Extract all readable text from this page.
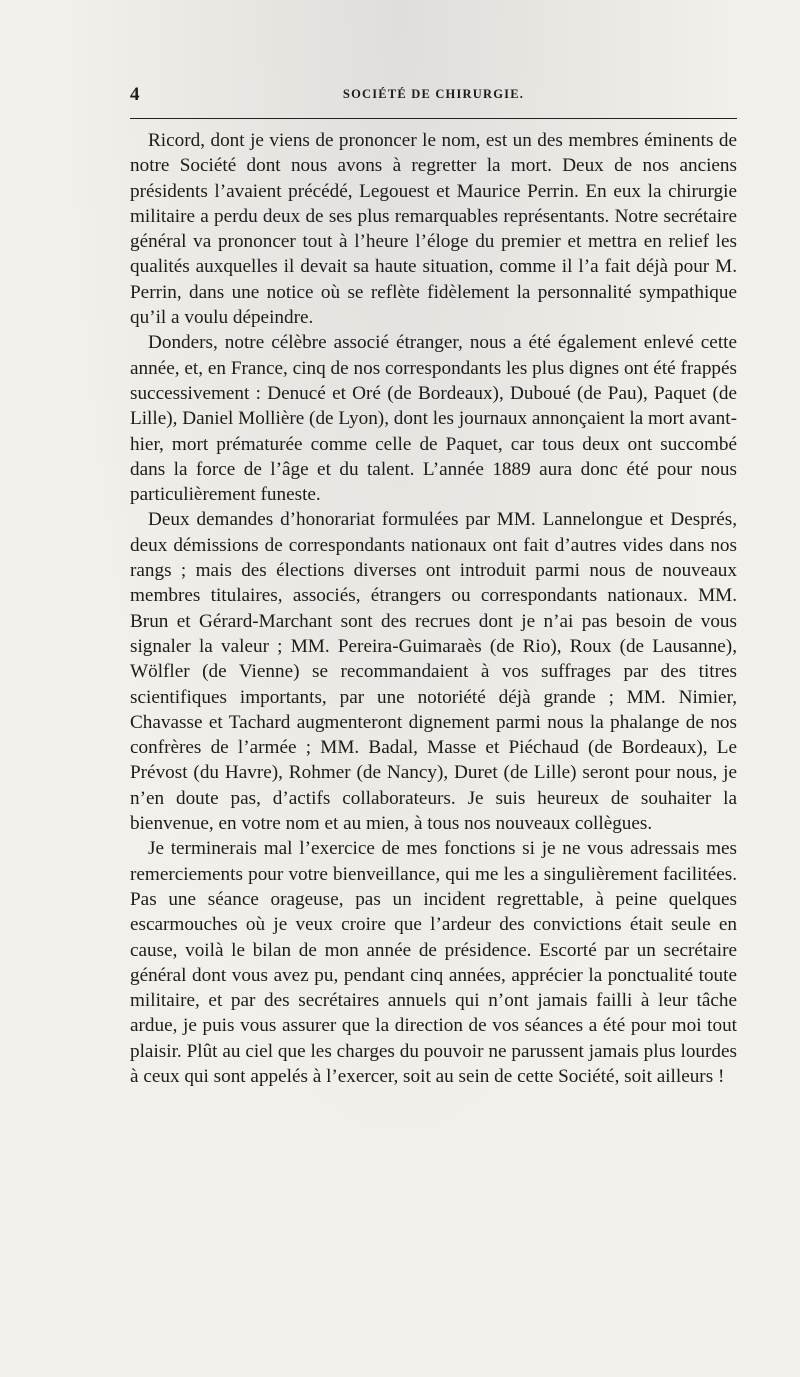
4	SOCIÉTÉ DE CHIRURGIE.

Ricord, dont je viens de prononcer le nom, est un des membres éminents de notre Société dont nous avons à regretter la mort. Deux de nos anciens présidents l’avaient précédé, Legouest et Maurice Perrin. En eux la chirurgie militaire a perdu deux de ses plus remarquables représentants. Notre secrétaire général va prononcer tout à l’heure l’éloge du premier et mettra en relief les qualités auxquelles il devait sa haute situation, comme il l’a fait déjà pour M. Perrin, dans une notice où se reflète fidèlement la personnalité sympathique qu’il a voulu dépeindre.

Donders, notre célèbre associé étranger, nous a été également enlevé cette année, et, en France, cinq de nos correspondants les plus dignes ont été frappés successivement : Denucé et Oré (de Bordeaux), Duboué (de Pau), Paquet (de Lille), Daniel Mollière (de Lyon), dont les journaux annonçaient la mort avant-hier, mort prématurée comme celle de Paquet, car tous deux ont succombé dans la force de l’âge et du talent. L’année 1889 aura donc été pour nous particulièrement funeste.

Deux demandes d’honorariat formulées par MM. Lannelongue et Després, deux démissions de correspondants nationaux ont fait d’autres vides dans nos rangs ; mais des élections diverses ont introduit parmi nous de nouveaux membres titulaires, associés, étrangers ou correspondants nationaux. MM. Brun et Gérard-Marchant sont des recrues dont je n’ai pas besoin de vous signaler la valeur ; MM. Pereira-Guimaraès (de Rio), Roux (de Lausanne), Wölfler (de Vienne) se recommandaient à vos suffrages par des titres scientifiques importants, par une notoriété déjà grande ; MM. Nimier, Chavasse et Tachard augmenteront dignement parmi nous la phalange de nos confrères de l’armée ; MM. Badal, Masse et Piéchaud (de Bordeaux), Le Prévost (du Havre), Rohmer (de Nancy), Duret (de Lille) seront pour nous, je n’en doute pas, d’actifs collaborateurs. Je suis heureux de souhaiter la bienvenue, en votre nom et au mien, à tous nos nouveaux collègues.

Je terminerais mal l’exercice de mes fonctions si je ne vous adressais mes remerciements pour votre bienveillance, qui me les a singulièrement facilitées. Pas une séance orageuse, pas un incident regrettable, à peine quelques escarmouches où je veux croire que l’ardeur des convictions était seule en cause, voilà le bilan de mon année de présidence. Escorté par un secrétaire général dont vous avez pu, pendant cinq années, apprécier la ponctualité toute militaire, et par des secrétaires annuels qui n’ont jamais failli à leur tâche ardue, je puis vous assurer que la direction de vos séances a été pour moi tout plaisir. Plût au ciel que les charges du pouvoir ne parussent jamais plus lourdes à ceux qui sont appelés à l’exercer, soit au sein de cette Société, soit ailleurs !
